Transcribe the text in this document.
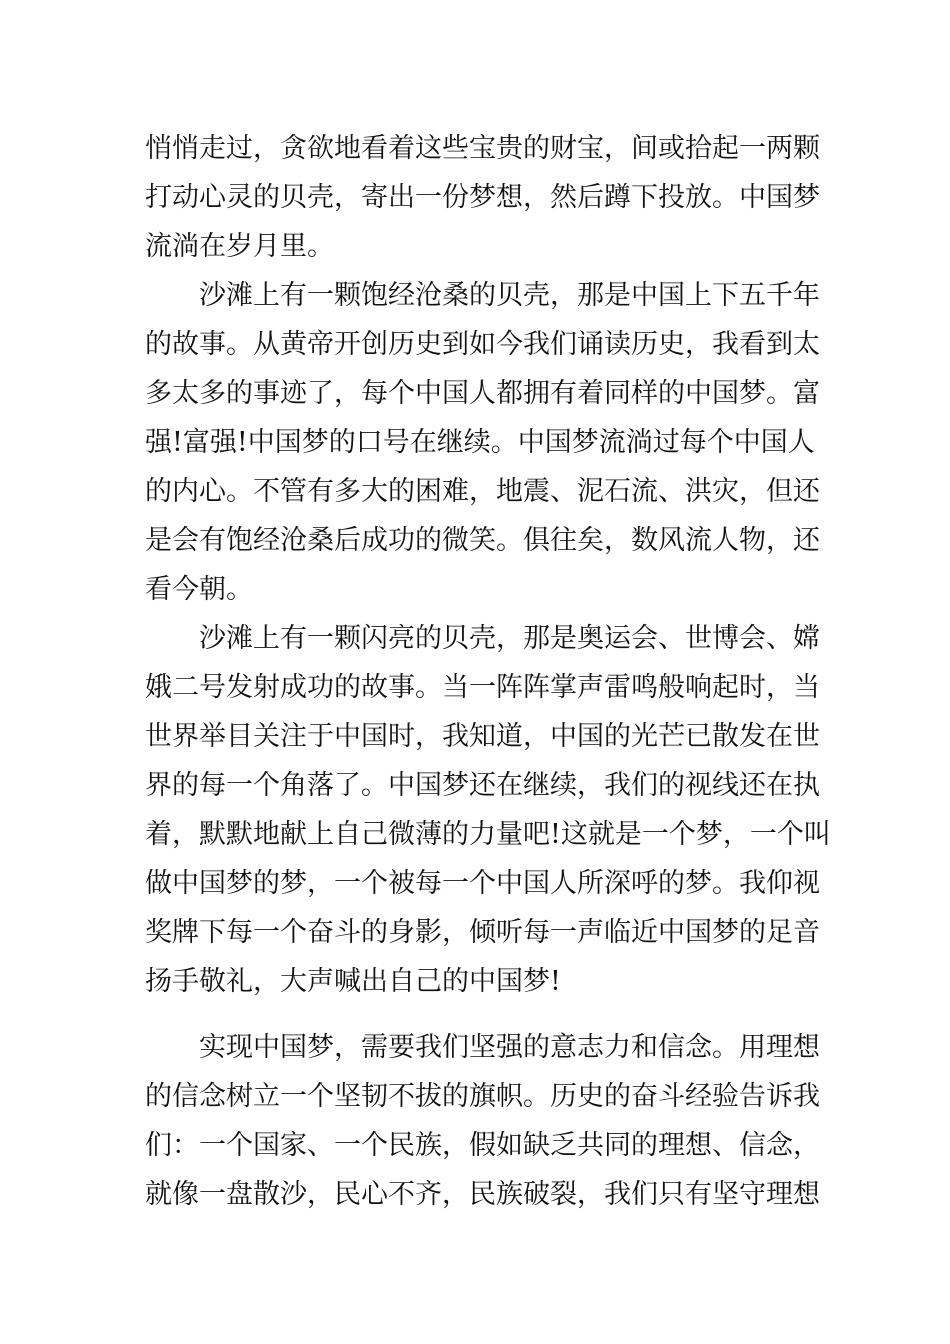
悄悄走过，贪欲地看着这些宝贵的财宝，间或拾起一两颗

打动心灵的贝壳，寄出一份梦想，然后蹲下投放。中国梦

流淌在岁月里。

沙滩上有一颗饱经沧桑的贝壳，那是中国上下五千年

的故事。从黄帝开创历史到如今我们诵读历史，我看到太

多太多的事迹了，每个中国人都拥有着同样的中国梦。富

强!富强!中国梦的口号在继续。中国梦流淌过每个中国人

的内心。不管有多大的困难，地震、泥石流、洪灾，但还

是会有饱经沧桑后成功的微笑。俱往矣，数风流人物，还

看今朝。

沙滩上有一颗闪亮的贝壳，那是奥运会、世博会、嫦

娥二号发射成功的故事。当一阵阵掌声雷鸣般响起时，当

世界举目关注于中国时，我知道，中国的光芒已散发在世

界的每一个角落了。中国梦还在继续，我们的视线还在执

着，默默地献上自己微薄的力量吧!这就是一个梦，一个叫

做中国梦的梦，一个被每一个中国人所深呼的梦。我仰视

奖牌下每一个奋斗的身影，倾听每一声临近中国梦的足音

扬手敬礼，大声喊出自己的中国梦!

实现中国梦，需要我们坚强的意志力和信念。用理想

的信念树立一个坚韧不拔的旗帜。历史的奋斗经验告诉我

们：一个国家、一个民族，假如缺乏共同的理想、信念，

就像一盘散沙，民心不齐，民族破裂，我们只有坚守理想
